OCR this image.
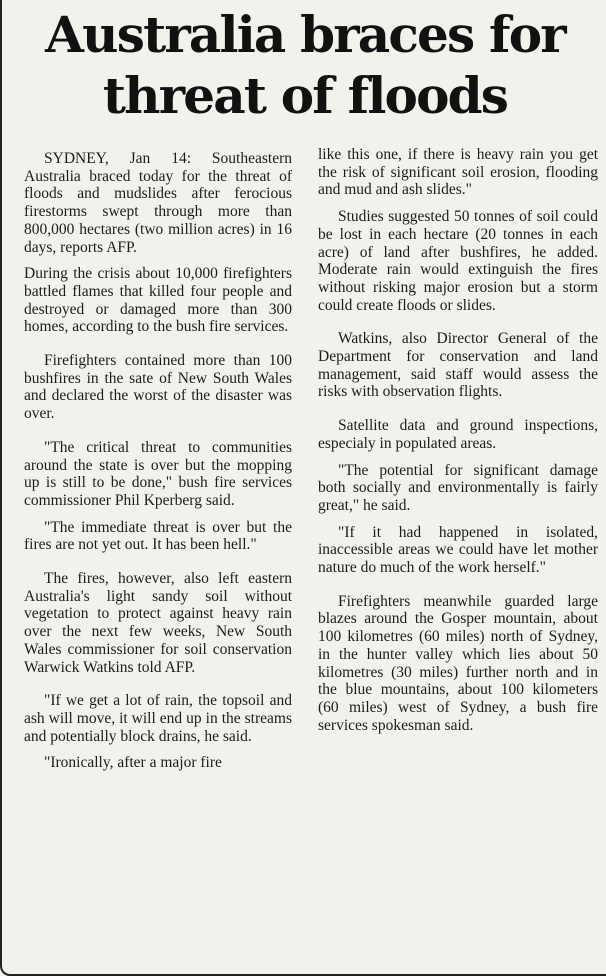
Australia braces for
threat of floods

SYDNEY, Jan 14: Southeastern Australia braced today for the threat of floods and mudslides after ferocious firestorms swept through more than 800,000 hectares (two million acres) in 16 days, reports AFP.

During the crisis about 10,000 firefighters battled flames that killed four people and destroyed or damaged more than 300 homes, according to the bush fire services.

Firefighters contained more than 100 bushfires in the sate of New South Wales and declared the worst of the disaster was over.

"The critical threat to communities around the state is over but the mopping up is still to be done," bush fire services commissioner Phil Kperberg said.

"The immediate threat is over but the fires are not yet out. It has been hell."

The fires, however, also left eastern Australia's light sandy soil without vegetation to protect against heavy rain over the next few weeks, New South Wales commissioner for soil conservation Warwick Watkins told AFP.

"If we get a lot of rain, the topsoil and ash will move, it will end up in the streams and potentially block drains, he said.

"Ironically, after a major fire

like this one, if there is heavy rain you get the risk of significant soil erosion, flooding and mud and ash slides."

Studies suggested 50 tonnes of soil could be lost in each hectare (20 tonnes in each acre) of land after bushfires, he added. Moderate rain would extinguish the fires without risking major erosion but a storm could create floods or slides.

Watkins, also Director General of the Department for conservation and land management, said staff would assess the risks with observation flights.

Satellite data and ground inspections, especialy in populated areas.

"The potential for significant damage both socially and environmentally is fairly great," he said.

"If it had happened in isolated, inaccessible areas we could have let mother nature do much of the work herself."

Firefighters meanwhile guarded large blazes around the Gosper mountain, about 100 kilometres (60 miles) north of Sydney, in the hunter valley which lies about 50 kilometres (30 miles) further north and in the blue mountains, about 100 kilometers (60 miles) west of Sydney, a bush fire services spokesman said.
